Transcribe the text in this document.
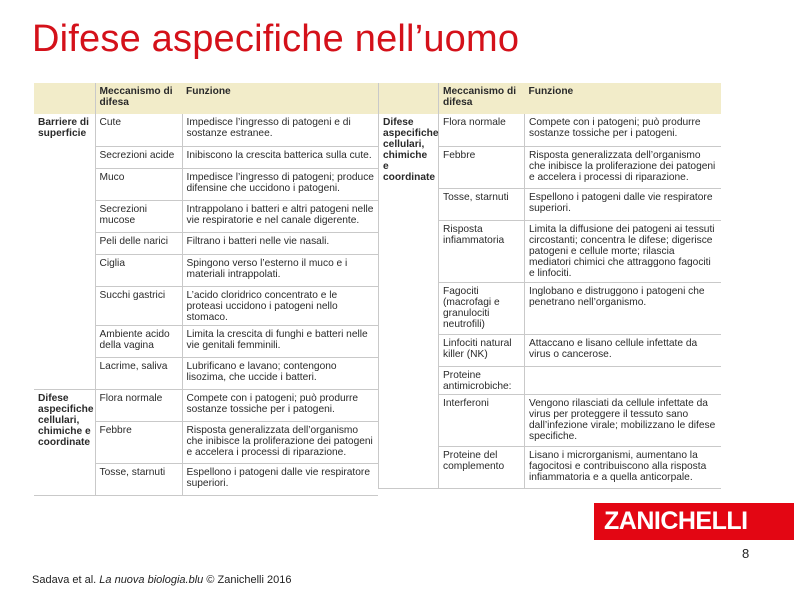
Difese aspecifiche nell’uomo
	Meccanismo di difesa	Funzione
Barriere di superficie	Cute	Impedisce l’ingresso di patogeni e di sostanze estranee.
	Secrezioni acide	Inibiscono la crescita batterica sulla cute.
	Muco	Impedisce l’ingresso di patogeni; produce difensine che uccidono i patogeni.
	Secrezioni mucose	Intrappolano i batteri e altri patogeni nelle vie respiratorie e nel canale digerente.
	Peli delle narici	Filtrano i batteri nelle vie nasali.
	Ciglia	Spingono verso l’esterno il muco e i materiali intrappolati.
	Succhi gastrici	L’acido cloridrico concentrato e le proteasi uccidono i patogeni nello stomaco.
	Ambiente acido della vagina	Limita la crescita di funghi e batteri nelle vie genitali femminili.
	Lacrime, saliva	Lubrificano e lavano; contengono lisozima, che uccide i batteri.
Difese aspecifiche cellulari, chimiche e coordinate	Flora normale	Compete con i patogeni; può produrre sostanze tossiche per i patogeni.
	Febbre	Risposta generalizzata dell’organismo che inibisce la proliferazione dei patogeni e accelera i processi di riparazione.
	Tosse, starnuti	Espellono i patogeni dalle vie respiratore superiori.
	Meccanismo di difesa	Funzione
Difese aspecifiche cellulari, chimiche e coordinate	Flora normale	Compete con i patogeni; può produrre sostanze tossiche per i patogeni.
	Febbre	Risposta generalizzata dell’organismo che inibisce la proliferazione dei patogeni e accelera i processi di riparazione.
	Tosse, starnuti	Espellono i patogeni dalle vie respiratore superiori.
	Risposta infiammatoria	Limita la diffusione dei patogeni ai tessuti circostanti; concentra le difese; digerisce patogeni e cellule morte; rilascia mediatori chimici che attraggono fagociti e linfociti.
	Fagociti (macrofagi e granulociti neutrofili)	Inglobano e distruggono i patogeni che penetrano nell’organismo.
	Linfociti natural killer (NK)	Attaccano e lisano cellule infettate da virus o cancerose.
	Proteine antimicrobiche:	
	Interferoni	Vengono rilasciati da cellule infettate da virus per proteggere il tessuto sano dall’infezione virale; mobilizzano le difese specifiche.
	Proteine del complemento	Lisano i microrganismi, aumentano la fagocitosi e contribuiscono alla risposta infiammatoria e a quella anticorpale.
ZANICHELLI
8
Sadava et al. La nuova biologia.blu © Zanichelli 2016
